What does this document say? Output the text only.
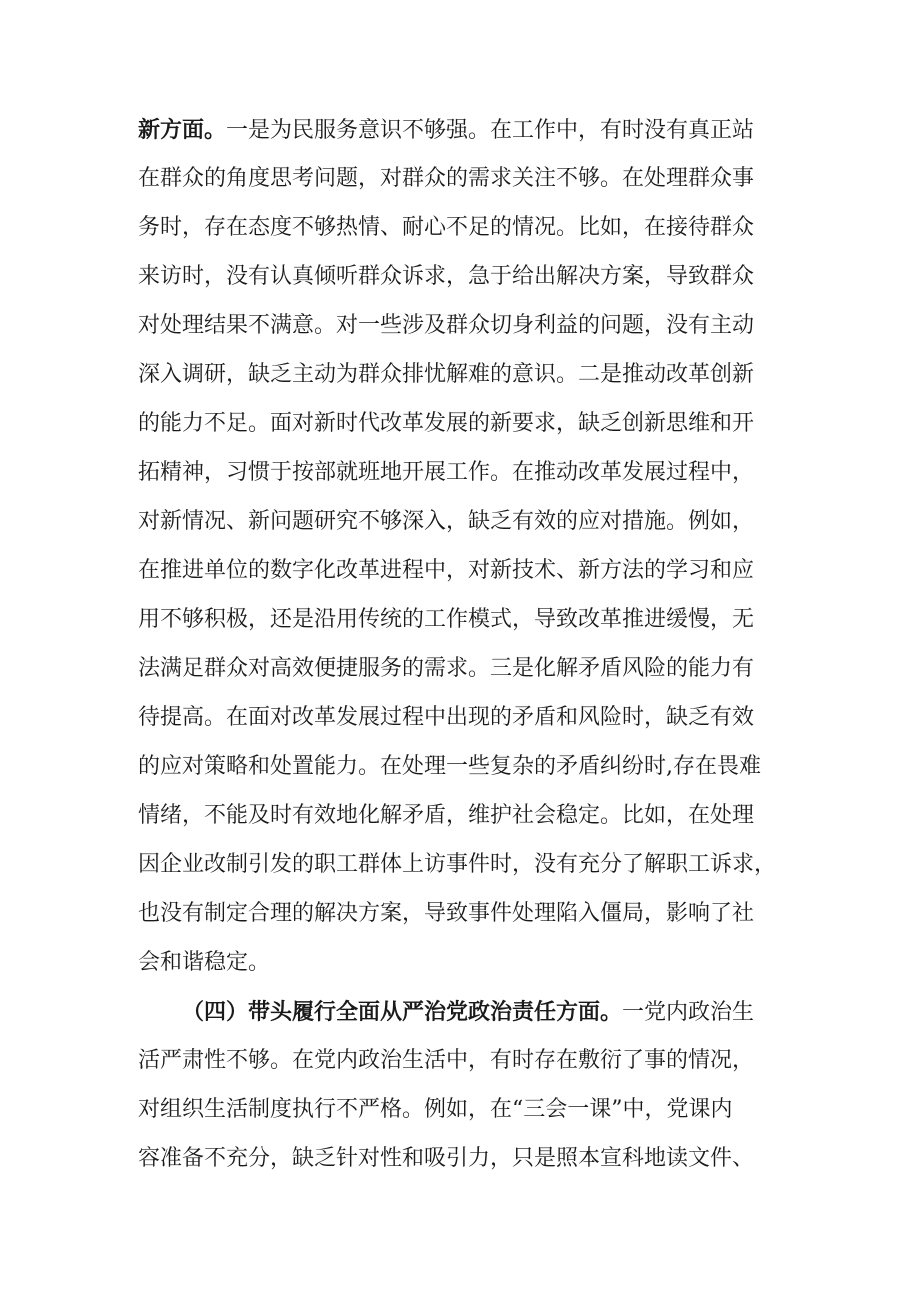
新方面。一是为民服务意识不够强。在工作中，有时没有真正站
在群众的角度思考问题，对群众的需求关注不够。在处理群众事
务时，存在态度不够热情、耐心不足的情况。比如，在接待群众
来访时，没有认真倾听群众诉求，急于给出解决方案，导致群众
对处理结果不满意。对一些涉及群众切身利益的问题，没有主动
深入调研，缺乏主动为群众排忧解难的意识。二是推动改革创新
的能力不足。面对新时代改革发展的新要求，缺乏创新思维和开
拓精神，习惯于按部就班地开展工作。在推动改革发展过程中，
对新情况、新问题研究不够深入，缺乏有效的应对措施。例如，
在推进单位的数字化改革进程中，对新技术、新方法的学习和应
用不够积极，还是沿用传统的工作模式，导致改革推进缓慢，无
法满足群众对高效便捷服务的需求。三是化解矛盾风险的能力有
待提高。在面对改革发展过程中出现的矛盾和风险时，缺乏有效
的应对策略和处置能力。在处理一些复杂的矛盾纠纷时,存在畏难
情绪，不能及时有效地化解矛盾，维护社会稳定。比如，在处理
因企业改制引发的职工群体上访事件时，没有充分了解职工诉求，
也没有制定合理的解决方案，导致事件处理陷入僵局，影响了社
会和谐稳定。
（四）带头履行全面从严治党政治责任方面。一党内政治生
活严肃性不够。在党内政治生活中，有时存在敷衍了事的情况，
对组织生活制度执行不严格。例如，在“三会一课”中，党课内
容准备不充分，缺乏针对性和吸引力，只是照本宣科地读文件、
